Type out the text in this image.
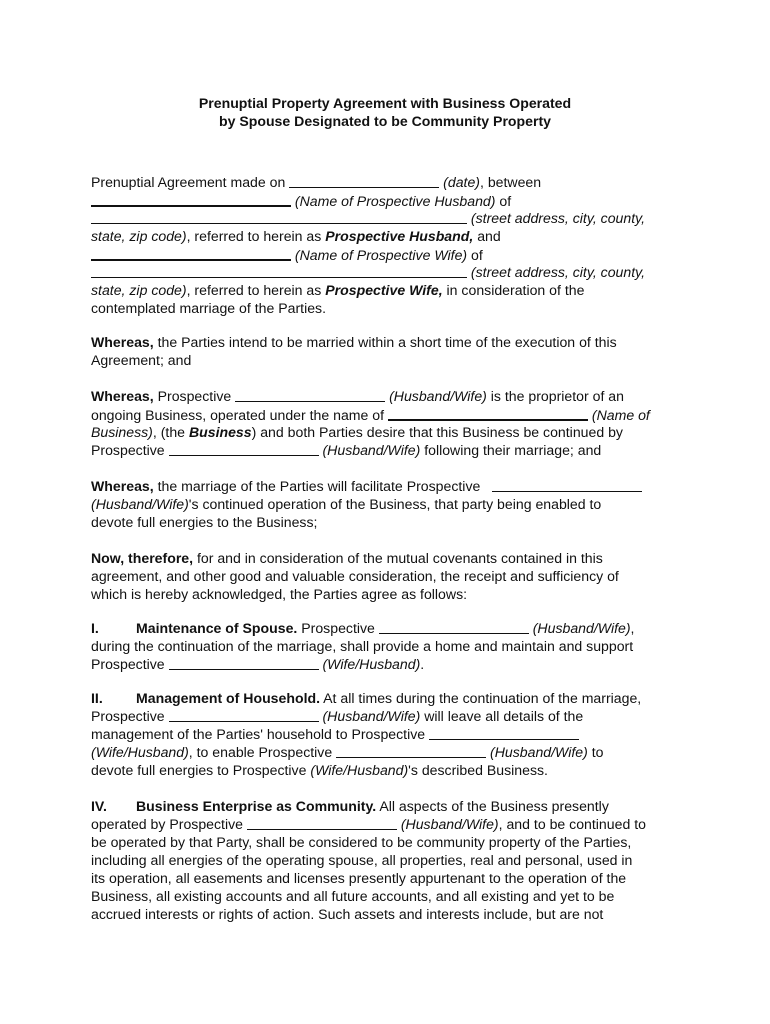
Prenuptial Property Agreement with Business Operated
by Spouse Designated to be Community Property
Prenuptial Agreement made on	(date), between
(Name of Prospective Husband) of
(street address, city, county,
state, zip code), referred to herein as Prospective Husband, and
(Name of Prospective Wife) of
(street address, city, county,
state, zip code), referred to herein as Prospective Wife, in consideration of the
contemplated marriage of the Parties.
Whereas, the Parties intend to be married within a short time of the execution of this
Agreement; and
Whereas, Prospective	(Husband/Wife) is the proprietor of an
ongoing Business, operated under the name of	(Name of
Business), (the Business) and both Parties desire that this Business be continued by
Prospective	(Husband/Wife) following their marriage; and
Whereas, the marriage of the Parties will facilitate Prospective
(Husband/Wife)'s continued operation of the Business, that party being enabled to
devote full energies to the Business;
Now, therefore, for and in consideration of the mutual covenants contained in this
agreement, and other good and valuable consideration, the receipt and sufficiency of
which is hereby acknowledged, the Parties agree as follows:
I.	Maintenance of Spouse. Prospective	(Husband/Wife),
during the continuation of the marriage, shall provide a home and maintain and support
Prospective	(Wife/Husband).
II. Management of Household. At all times during the continuation of the marriage,
Prospective	(Husband/Wife) will leave all details of the
management of the Parties' household to Prospective
(Wife/Husband), to enable Prospective	(Husband/Wife) to
devote full energies to Prospective (Wife/Husband)'s described Business.
IV. Business Enterprise as Community. All aspects of the Business presently
operated by Prospective	(Husband/Wife), and to be continued to
be operated by that Party, shall be considered to be community property of the Parties,
including all energies of the operating spouse, all properties, real and personal, used in
its operation, all easements and licenses presently appurtenant to the operation of the
Business, all existing accounts and all future accounts, and all existing and yet to be
accrued interests or rights of action. Such assets and interests include, but are not
